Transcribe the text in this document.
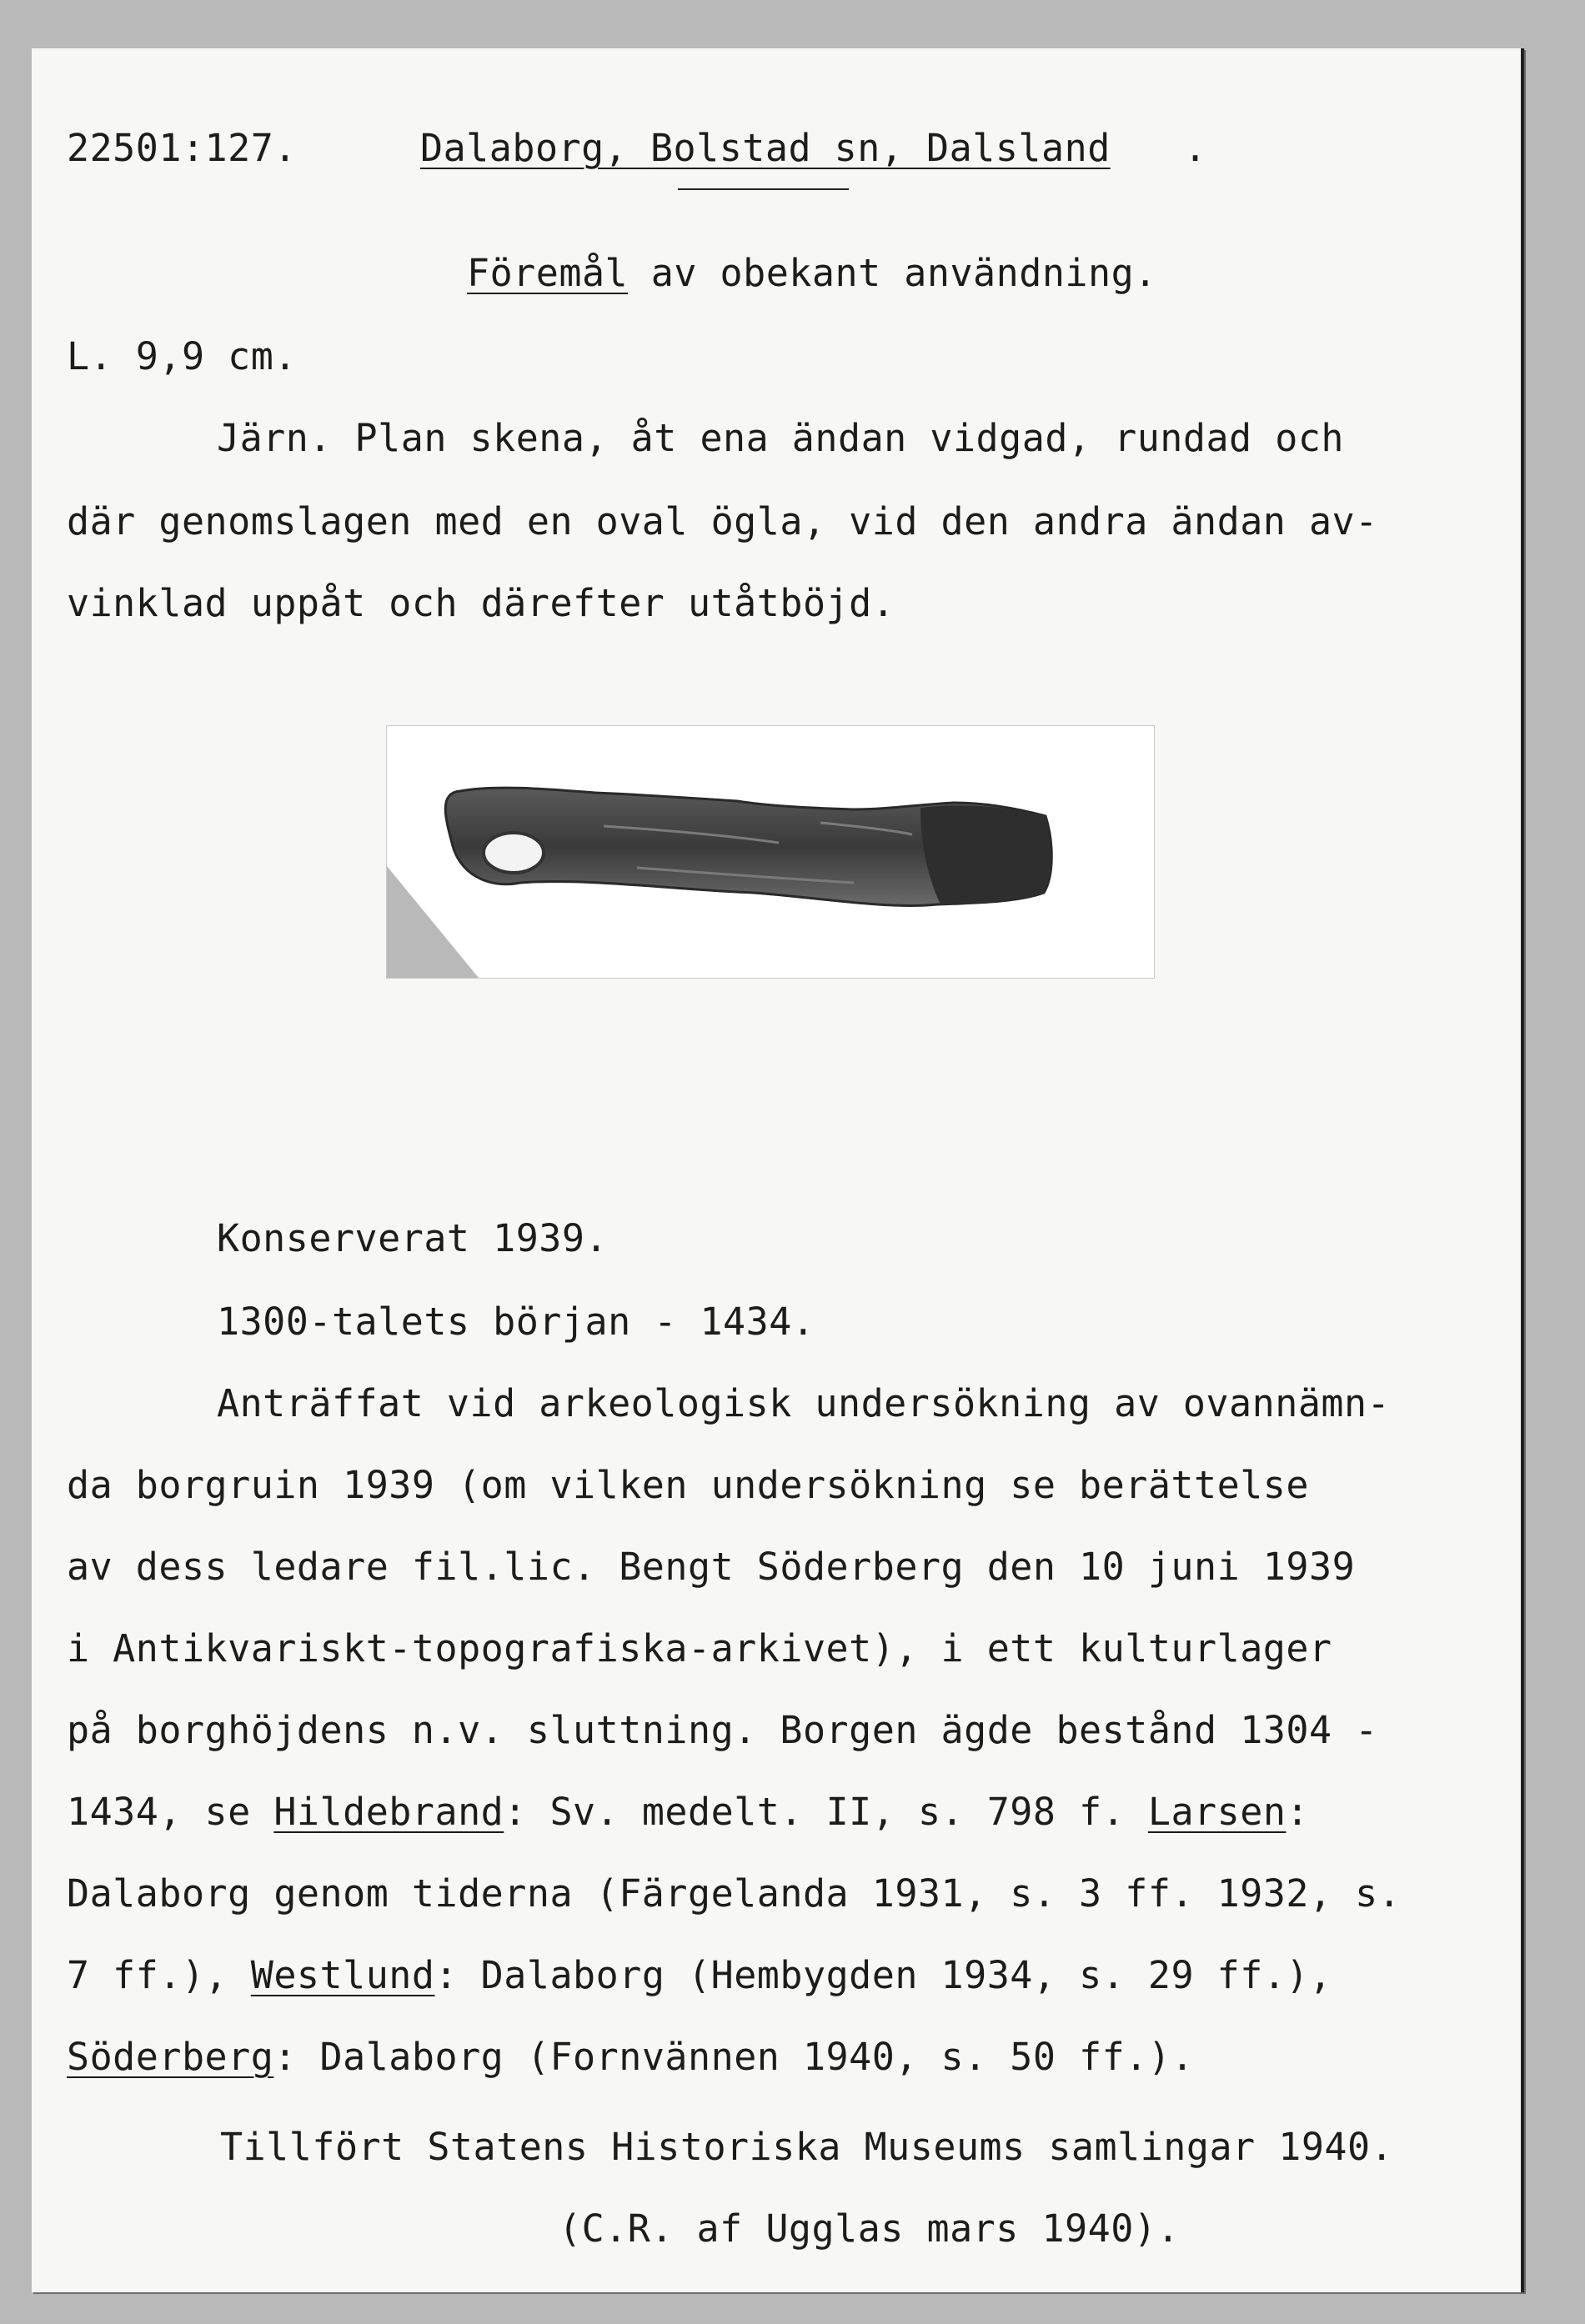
22501:127.	Dalaborg, Bolstad sn, Dalsland .
Föremål av obekant användning.
L. 9,9 cm.
Järn. Plan skena, åt ena ändan vidgad, rundad och
där genomslagen med en oval ögla, vid den andra ändan av-
vinklad uppåt och därefter utåtböjd.
Konserverat 1939.
1300-talets början - 1434.
Anträffat vid arkeologisk undersökning av ovannämn-
da borgruin 1939 (om vilken undersökning se berättelse
av dess ledare fil.lic. Bengt Söderberg den 10 juni 1939
i Antikvariskt-topografiska-arkivet), i ett kulturlager
på borghöjdens n.v. sluttning. Borgen ägde bestånd 1304 -
1434, se Hildebrand: Sv. medelt. II, s. 798 f. Larsen:
Dalaborg genom tiderna (Färgelanda 1931, s. 3 ff. 1932, s.
7 ff.), Westlund: Dalaborg (Hembygden 1934, s. 29 ff.),
Söderberg: Dalaborg (Fornvännen 1940, s. 50 ff.).
Tillfört Statens Historiska Museums samlingar 1940.
(C.R. af Ugglas mars 1940).
